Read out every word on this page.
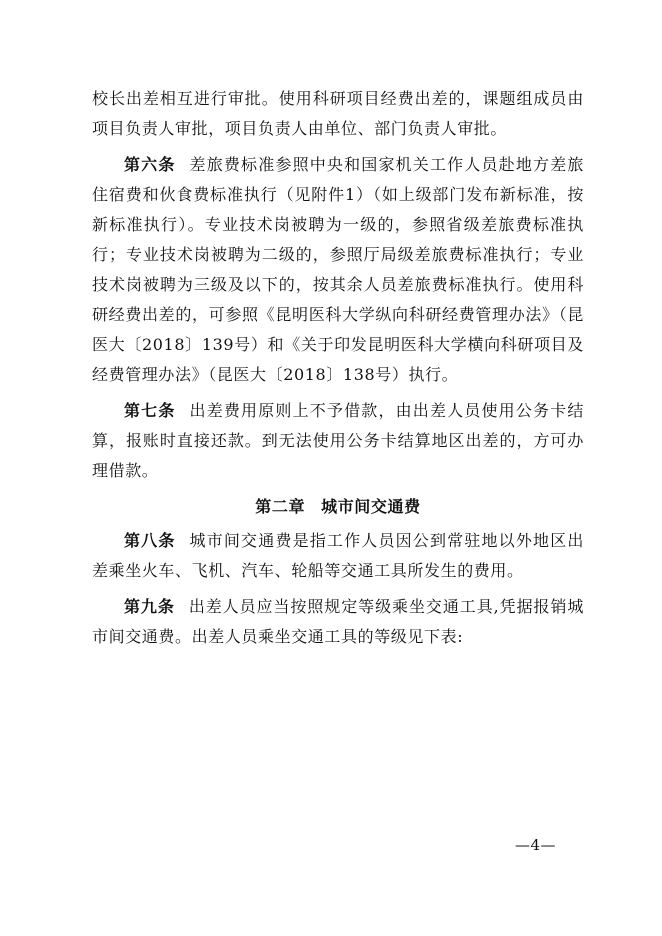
校长出差相互进行审批。使用科研项目经费出差的，课题组成员由项目负责人审批，项目负责人由单位、部门负责人审批。

第六条 差旅费标准参照中央和国家机关工作人员赴地方差旅住宿费和伙食费标准执行（见附件1）（如上级部门发布新标准，按新标准执行）。专业技术岗被聘为一级的，参照省级差旅费标准执行；专业技术岗被聘为二级的，参照厅局级差旅费标准执行；专业技术岗被聘为三级及以下的，按其余人员差旅费标准执行。使用科研经费出差的，可参照《昆明医科大学纵向科研经费管理办法》（昆医大〔2018〕139号）和《关于印发昆明医科大学横向科研项目及经费管理办法》（昆医大〔2018〕138号）执行。

第七条 出差费用原则上不予借款，由出差人员使用公务卡结算，报账时直接还款。到无法使用公务卡结算地区出差的，方可办理借款。

第二章 城市间交通费

第八条 城市间交通费是指工作人员因公到常驻地以外地区出差乘坐火车、飞机、汽车、轮船等交通工具所发生的费用。

第九条 出差人员应当按照规定等级乘坐交通工具,凭据报销城市间交通费。出差人员乘坐交通工具的等级见下表:

—4—
